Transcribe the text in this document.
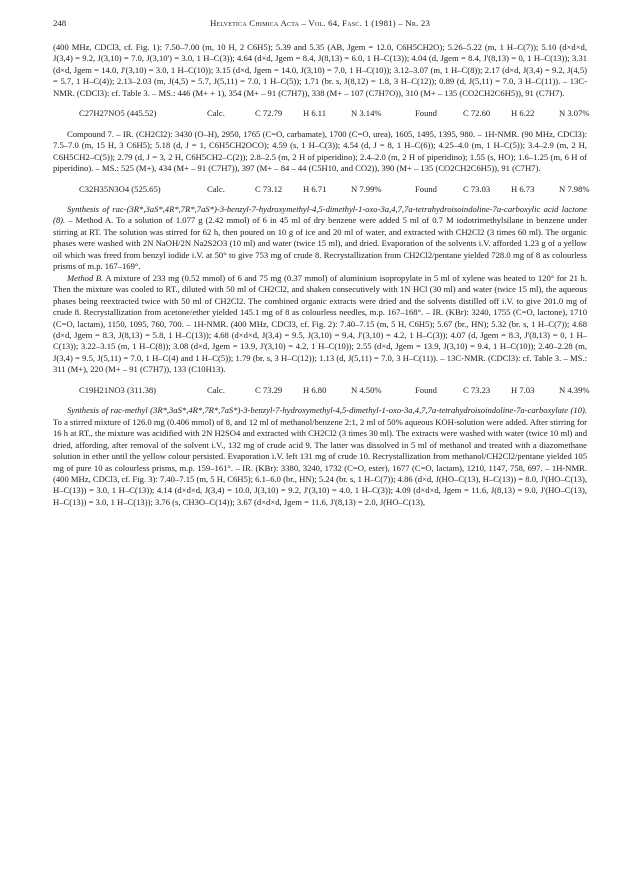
248	Helvetica Chimica Acta – Vol. 64, Fasc. 1 (1981) – Nr. 23

(400 MHz, CDCl3, cf. Fig. 1): 7.50–7.00 (m, 10 H, 2 C6H5); 5.39 and 5.35 (AB, Jgem = 12.0, C6H5CH2O); 5.26–5.22 (m, 1 H–C(7)); 5.10 (d×d×d, J(3,4) = 9.2, J(3,10) = 7.0, J(3,10') = 3.0, 1 H–C(3)); 4.64 (d×d, Jgem = 8.4, J(8,13) = 6.0, 1 H–C(13)); 4.04 (d, Jgem = 8.4, J'(8,13) = 0, 1 H–C(13)); 3.31 (d×d, Jgem = 14.0, J'(3,10) = 3.0, 1 H–C(10)); 3.15 (d×d, Jgem = 14.0, J(3,10) = 7.0, 1 H–C(10)); 3.12–3.07 (m, 1 H–C(8)); 2.17 (d×d, J(3,4) = 9.2, J(4,5) = 5.7, 1 H–C(4)); 2.13–2.03 (m, J(4,5) = 5.7, J(5,11) = 7.0, 1 H–C(5)); 1.71 (br. s, J(8,12) = 1.8, 3 H–C(12)); 0.89 (d, J(5,11) = 7.0, 3 H–C(11)). – 13C-NMR. (CDCl3): cf. Table 3. – MS.: 446 (M+ + 1), 354 (M+ – 91 (C7H7)), 338 (M+ – 107 (C7H7O)), 310 (M+ – 135 (CO2CH2C6H5)), 91 (C7H7).

C27H27NO5 (445.52)	Calc.	C 72.79 H 6.11	N 3.14%	Found	C 72.60 H 6.22	N 3.07%

Compound 7. – IR. (CH2Cl2): 3430 (O–H), 2950, 1765 (C=O, carbamate), 1700 (C=O, urea), 1605, 1495, 1395, 980. – 1H-NMR. (90 MHz, CDCl3): 7.5–7.0 (m, 15 H, 3 C6H5); 5.18 (d, J = 1, C6H5CH2OCO); 4.59 (s, 1 H–C(3)); 4.54 (d, J = 8, 1 H–C(6)); 4.25–4.0 (m, 1 H–C(5)); 3.4–2.9 (m, 2 H, C6H5CH2–C(5)); 2.79 (d, J = 3, 2 H, C6H5CH2–C(2)); 2.8–2.5 (m, 2 H of piperidino); 2.4–2.0 (m, 2 H of piperidino); 1.55 (s, HO); 1.6–1.25 (m, 6 H of piperidino). – MS.: 525 (M+), 434 (M+ – 91 (C7H7)), 397 (M+ – 84 – 44 (C5H10, and CO2)), 390 (M+ – 135 (CO2CH2C6H5)), 91 (C7H7).

C32H35N3O4 (525.65)	Calc.	C 73.12 H 6.71	N 7.99%	Found	C 73.03 H 6.73	N 7.98%

Synthesis of rac-(3R*,3aS*,4R*,7R*,7aS*)-3-benzyl-7-hydroxymethyl-4,5-dimethyl-1-oxo-3a,4,7,7a-tetrahydroisoindoline-7a-carboxylic acid lactone (8). – Method A. To a solution of 1.077 g (2.42 mmol) of 6 in 45 ml of dry benzene were added 5 ml of 0.7 M iodotrimethylsilane in benzene under stirring at RT. The solution was stirred for 62 h, then poured on 10 g of ice and 20 ml of water, and extracted with CH2Cl2 (3 times 60 ml). The organic phases were washed with 2N NaOH/2N Na2S2O3 (10 ml) and water (twice 15 ml), and dried. Evaporation of the solvents i.V. afforded 1.23 g of a yellow oil which was freed from benzyl iodide i.V. at 50° to give 753 mg of crude 8. Recrystallization from CH2Cl2/pentane yielded 728.0 mg of 8 as colourless prisms of m.p. 167–169°.

Method B. A mixture of 233 mg (0.52 mmol) of 6 and 75 mg (0.37 mmol) of aluminium isopropylate in 5 ml of xylene was heated to 120° for 21 h. Then the mixture was cooled to RT., diluted with 50 ml of CH2Cl2, and shaken consecutively with 1N HCl (30 ml) and water (twice 15 ml), the aqueous phases being reextracted twice with 50 ml of CH2Cl2. The combined organic extracts were dried and the solvents distilled off i.V. to give 201.0 mg of crude 8. Recrystallization from acetone/ether yielded 145.1 mg of 8 as colourless needles, m.p. 167–168°. – IR. (KBr): 3240, 1755 (C=O, lactone), 1710 (C=O, lactam), 1150, 1095, 760, 700. – 1H-NMR. (400 MHz, CDCl3, cf. Fig. 2): 7.40–7.15 (m, 5 H, C6H5); 5.67 (br., HN); 5.32 (br. s, 1 H–C(7)); 4.68 (d×d, Jgem = 8.3, J(8,13) = 5.8, 1 H–C(13)); 4.68 (d×d×d, J(3,4) = 9.5, J(3,10) = 9.4, J'(3,10) = 4.2, 1 H–C(3)); 4.07 (d, Jgem = 8.3, J'(8,13) = 0, 1 H–C(13)); 3.22–3.15 (m, 1 H–C(8)); 3.08 (d×d, Jgem = 13.9, J'(3,10) = 4.2, 1 H–C(10)); 2.55 (d×d, Jgem = 13.9, J(3,10) = 9.4, 1 H–C(10)); 2.40–2.28 (m, J(3,4) = 9.5, J(5,11) = 7.0, 1 H–C(4) and 1 H–C(5)); 1.79 (br. s, 3 H–C(12)); 1.13 (d, J(5,11) = 7.0, 3 H–C(11)). – 13C-NMR. (CDCl3): cf. Table 3. – MS.: 311 (M+), 220 (M+ – 91 (C7H7)), 133 (C10H13).

C19H21NO3 (311.38)	Calc.	C 73.29 H 6.80	N 4.50%	Found	C 73.23 H 7.03	N 4.39%

Synthesis of rac-methyl (3R*,3aS*,4R*,7R*,7aS*)-3-benzyl-7-hydroxymethyl-4,5-dimethyl-1-oxo-3a,4,7,7a-tetrahydroisoindoline-7a-carboxylate (10). To a stirred mixture of 126.0 mg (0.406 mmol) of 8, and 12 ml of methanol/benzene 2:1, 2 ml of 50% aqueous KOH-solution were added. After stirring for 16 h at RT., the mixture was acidified with 2N H2SO4 and extracted with CH2Cl2 (3 times 30 ml). The extracts were washed with water (twice 10 ml) and dried, affording, after removal of the solvent i.V., 132 mg of crude acid 9. The latter was dissolved in 5 ml of methanol and treated with a diazomethane solution in ether until the yellow colour persisted. Evaporation i.V. left 131 mg of crude 10. Recrystallization from methanol/CH2Cl2/pentane yielded 105 mg of pure 10 as colourless prisms, m.p. 159–161°. – IR. (KBr): 3380, 3240, 1732 (C=O, ester), 1677 (C=O, lactam), 1210, 1147, 758, 697. – 1H-NMR. (400 MHz, CDCl3, cf. Fig. 3): 7.40–7.15 (m, 5 H, C6H5); 6.1–6.0 (br., HN); 5.24 (br. s, 1 H–C(7)); 4.86 (d×d, J(HO–C(13), H–C(13)) = 8.0, J'(HO–C(13), H–C(13)) = 3.0, 1 H–C(13)); 4.14 (d×d×d, J(3,4) = 10.0, J(3,10) = 9.2, J'(3,10) = 4.0, 1 H–C(3)); 4.09 (d×d×d, Jgem = 11.6, J(8,13) = 9.0, J'(HO–C(13), H–C(13)) = 3.0, 1 H–C(13)); 3.76 (s, CH3O–C(14)); 3.67 (d×d×d, Jgem = 11.6, J'(8,13) = 2.0, J(HO–C(13),
